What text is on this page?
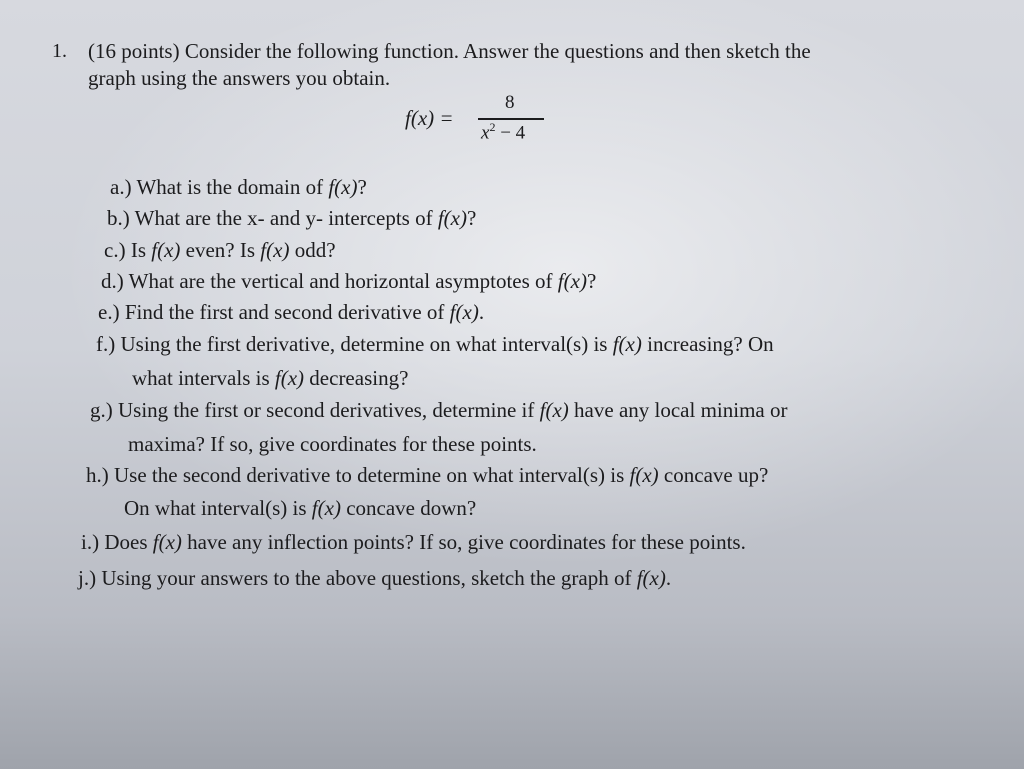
1. (16 points) Consider the following function. Answer the questions and then sketch the
graph using the answers you obtain.
f(x) =
8
$x^2 - 4$
a.) What is the domain of f(x)?
b.) What are the x- and y- intercepts of f(x)?
c.) Is f(x) even? Is f(x) odd?
d.) What are the vertical and horizontal asymptotes of f(x)?
e.) Find the first and second derivative of f(x).
f.) Using the first derivative, determine on what interval(s) is f(x) increasing? On
what intervals is f(x) decreasing?
g.) Using the first or second derivatives, determine if f(x) have any local minima or
maxima? If so, give coordinates for these points.
h.) Use the second derivative to determine on what interval(s) is f(x) concave up?
On what interval(s) is f(x) concave down?
i.) Does f(x) have any inflection points? If so, give coordinates for these points.
j.) Using your answers to the above questions, sketch the graph of f(x).
